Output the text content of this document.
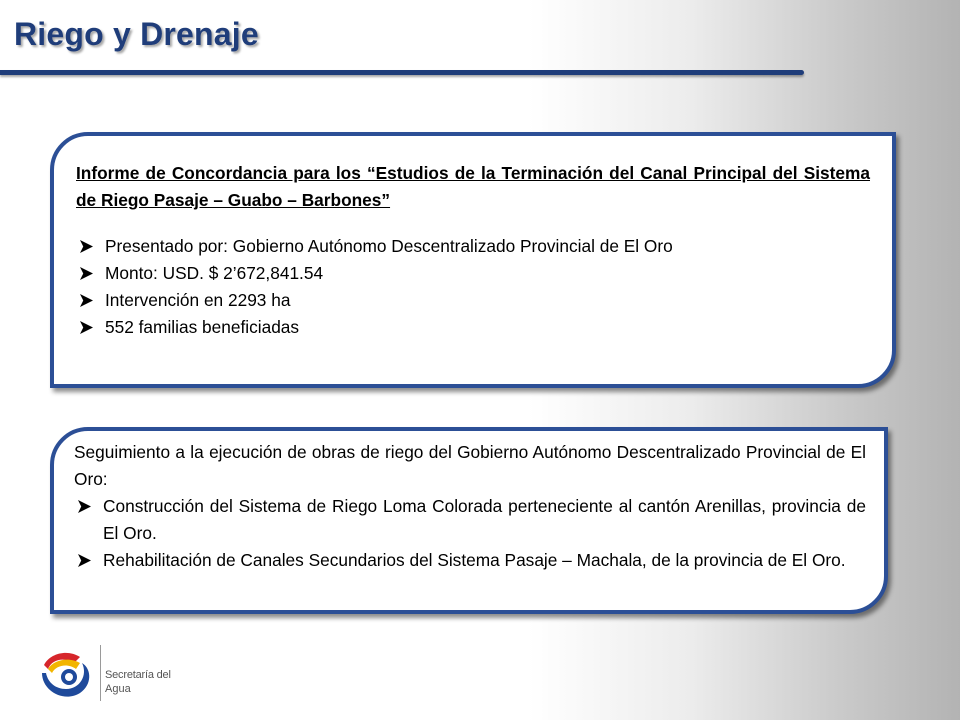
Riego y Drenaje

Informe de Concordancia para los “Estudios de la Terminación del Canal Principal del Sistema de Riego Pasaje – Guabo – Barbones”

Presentado por: Gobierno Autónomo Descentralizado Provincial de El Oro
Monto: USD. $ 2’672,841.54
Intervención en 2293 ha
552 familias beneficiadas

Seguimiento a la ejecución de obras de riego del Gobierno Autónomo Descentralizado Provincial de El Oro:

Construcción del Sistema de Riego Loma Colorada perteneciente al cantón Arenillas, provincia de El Oro.
Rehabilitación de Canales Secundarios del Sistema Pasaje – Machala, de la provincia de El Oro.
Secretaría del
Agua
